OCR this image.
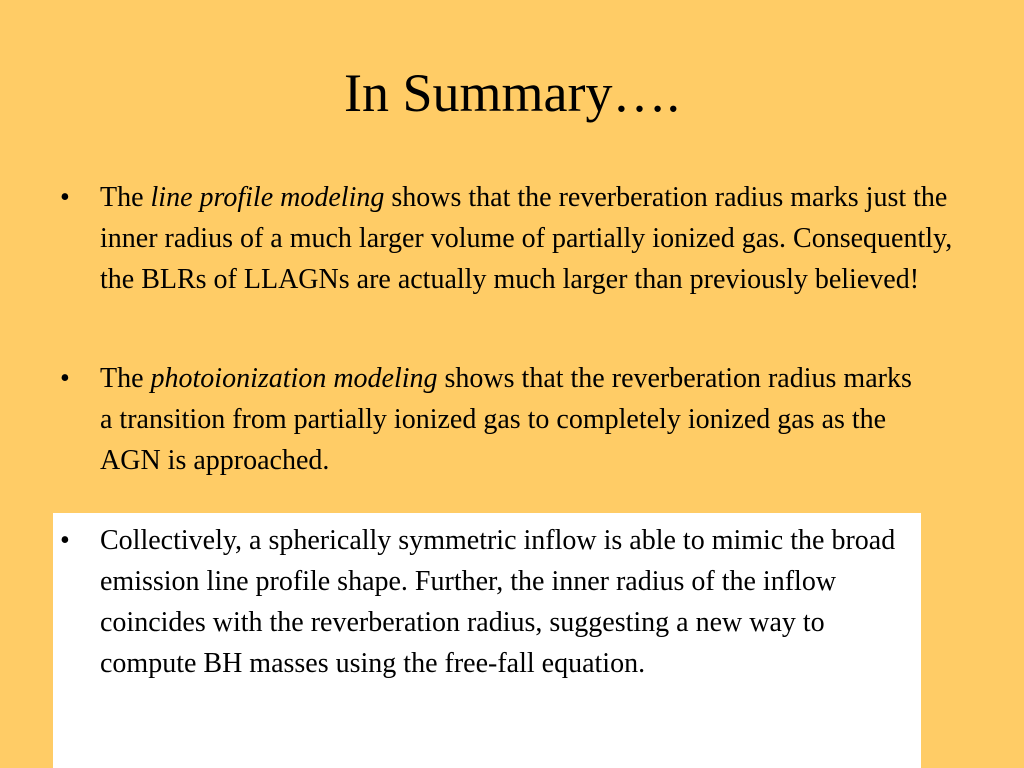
In Summary….
•	The line profile modeling shows that the reverberation radius marks just the inner radius of a much larger volume of partially ionized gas. Consequently, the BLRs of LLAGNs are actually much larger than previously believed!
•	The photoionization modeling shows that the reverberation radius marks a transition from partially ionized gas to completely ionized gas as the AGN is approached.
•	Collectively, a spherically symmetric inflow is able to mimic the broad emission line profile shape. Further, the inner radius of the inflow coincides with the reverberation radius, suggesting a new way to compute BH masses using the free-fall equation.
